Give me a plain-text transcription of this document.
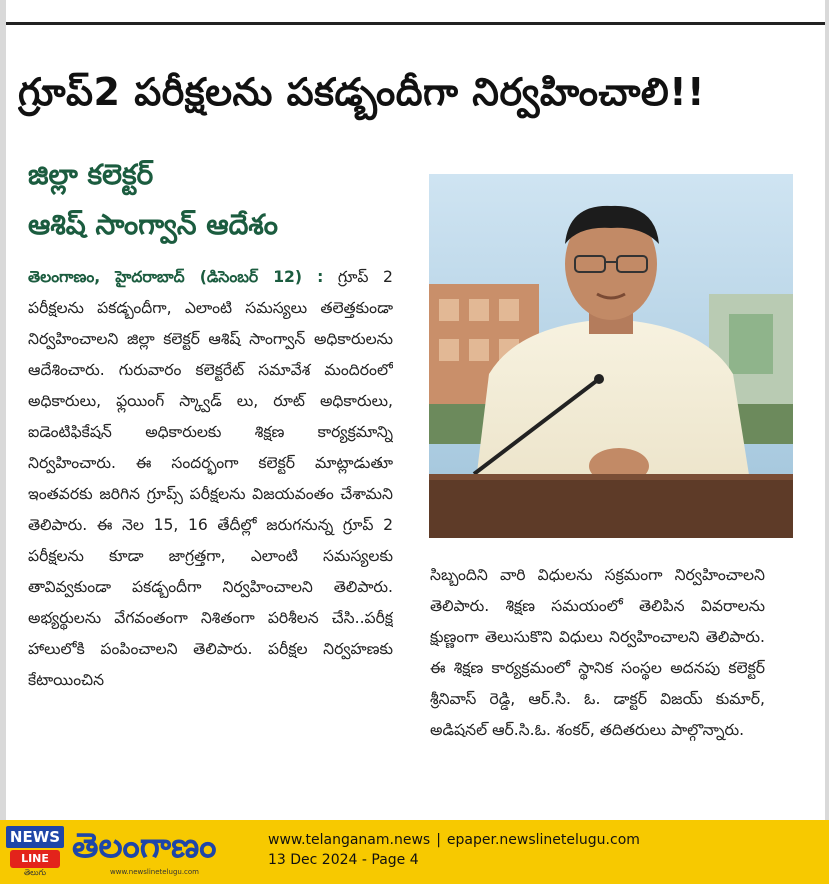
గ్రూప్2 పరీక్షలను పకడ్బందీగా నిర్వహించాలి!!
జిల్లా కలెక్టర్
ఆశిష్ సాంగ్వాన్ ఆదేశం
తెలంగాణం, హైదరాబాద్ (డిసెంబర్ 12) : గ్రూప్ 2 పరీక్షలను పకడ్బందీగా, ఎలాంటి సమస్యలు తలెత్తకుండా నిర్వహించాలని జిల్లా కలెక్టర్ ఆశిష్ సాంగ్వాన్ అధికారులను ఆదేశించారు. గురువారం కలెక్టరేట్ సమావేశ మందిరంలో అధికారులు, ఫ్లయింగ్ స్క్వాడ్ లు, రూట్ అధికారులు, ఐడెంటిఫికేషన్ అధికారులకు శిక్షణ కార్యక్రమాన్ని నిర్వహించారు. ఈ సందర్భంగా కలెక్టర్ మాట్లాడుతూ ఇంతవరకు జరిగిన గ్రూప్స్ పరీక్షలను విజయవంతం చేశామని తెలిపారు. ఈ నెల 15, 16 తేదీల్లో జరుగనున్న గ్రూప్ 2 పరీక్షలను కూడా జాగ్రత్తగా, ఎలాంటి సమస్యలకు తావివ్వకుండా పకడ్బందీగా నిర్వహించాలని తెలిపారు. అభ్యర్థులను వేగవంతంగా నిశితంగా పరిశీలన చేసి..పరీక్ష హాలులోకి పంపించాలని తెలిపారు. పరీక్షల నిర్వహణకు కేటాయించిన
సిబ్బందిని వారి విధులను సక్రమంగా నిర్వహించాలని తెలిపారు. శిక్షణ సమయంలో తెలిపిన వివరాలను క్షుణ్ణంగా తెలుసుకొని విధులు నిర్వహించాలని తెలిపారు. ఈ శిక్షణ కార్యక్రమంలో స్థానిక సంస్థల అదనపు కలెక్టర్ శ్రీనివాస్ రెడ్డి, ఆర్.సి. ఓ. డాక్టర్ విజయ్ కుమార్, అడిషనల్ ఆర్.సి.ఓ. శంకర్, తదితరులు పాల్గొన్నారు.
NEWS
LINE
తెలుగు
తెలంగాణం
www.newslinetelugu.com
www.telanganam.news | epaper.newslinetelugu.com
13 Dec 2024 - Page 4
